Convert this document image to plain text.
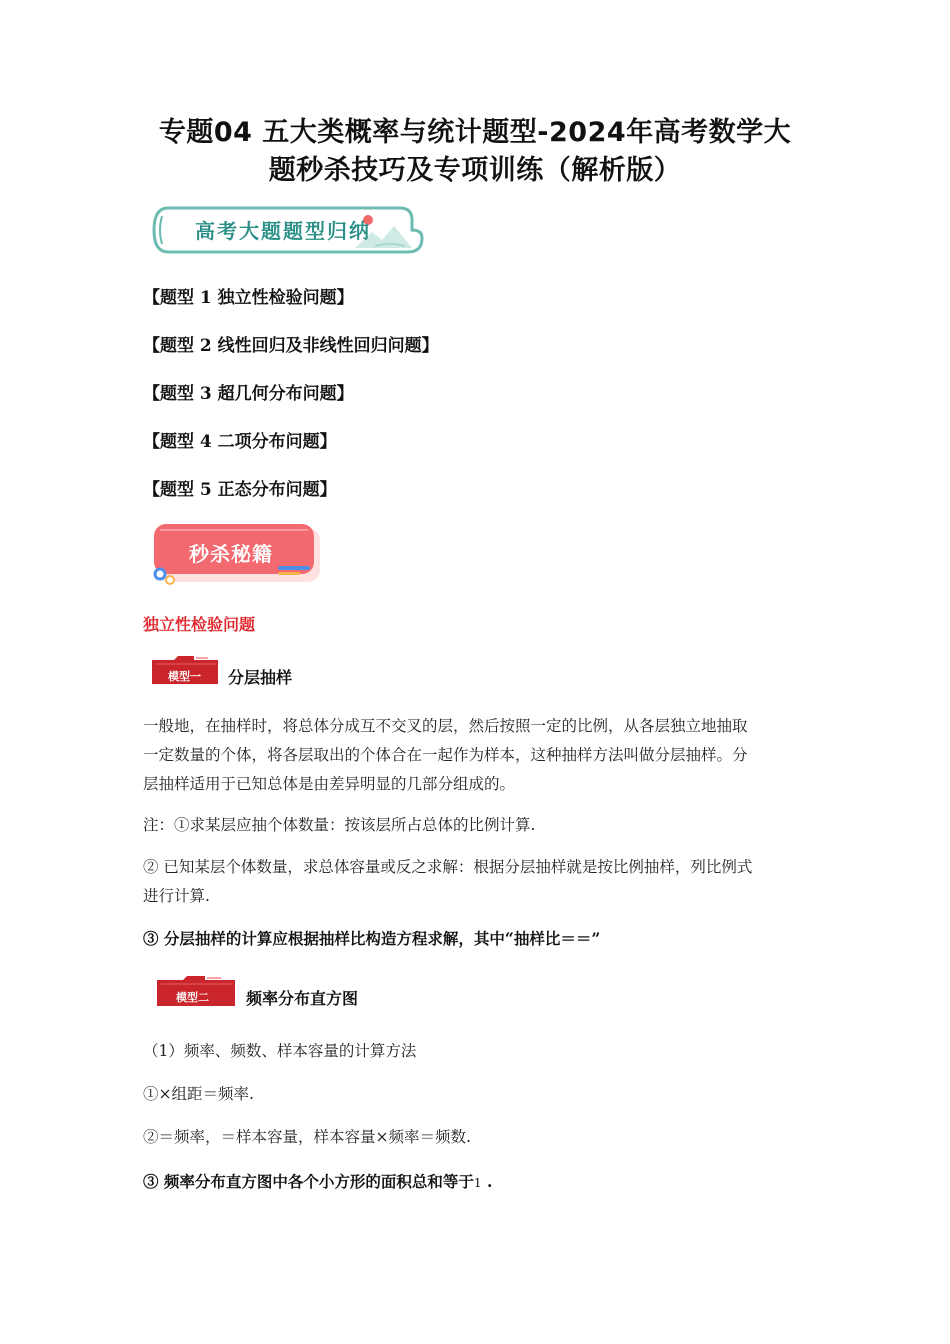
专题04 五大类概率与统计题型-2024年高考数学大
题秒杀技巧及专项训练（解析版）
高考大题题型归纳
【题型 1 独立性检验问题】
【题型 2 线性回归及非线性回归问题】
【题型 3 超几何分布问题】
【题型 4 二项分布问题】
【题型 5 正态分布问题】
秒杀秘籍
独立性检验问题
模型一 分层抽样
一般地，在抽样时，将总体分成互不交叉的层，然后按照一定的比例，从各层独立地抽取
一定数量的个体，将各层取出的个体合在一起作为样本，这种抽样方法叫做分层抽样。分
层抽样适用于已知总体是由差异明显的几部分组成的。
注：①求某层应抽个体数量：按该层所占总体的比例计算.
② 已知某层个体数量，求总体容量或反之求解：根据分层抽样就是按比例抽样，列比例式
进行计算.
③ 分层抽样的计算应根据抽样比构造方程求解，其中“抽样比＝＝”
模型二 频率分布直方图
（1）频率、频数、样本容量的计算方法
①×组距＝频率.
②＝频率，＝样本容量，样本容量×频率＝频数.
③ 频率分布直方图中各个小方形的面积总和等于1 .
